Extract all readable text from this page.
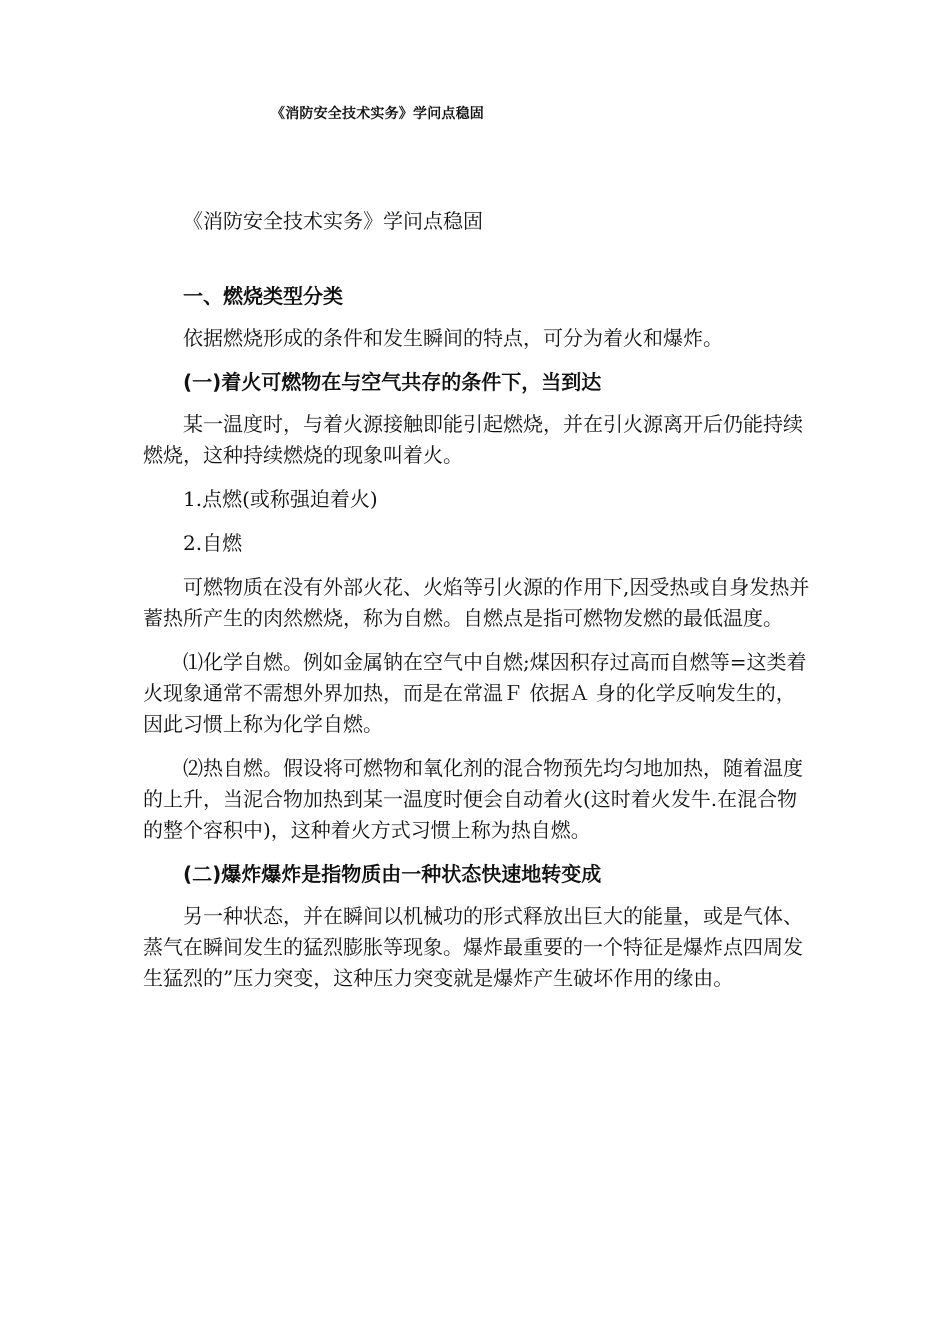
《消防安全技术实务》学问点稳固

《消防安全技术实务》学问点稳固

一、燃烧类型分类

依据燃烧形成的条件和发生瞬间的特点，可分为着火和爆炸。

(一)着火可燃物在与空气共存的条件下，当到达

某一温度时，与着火源接触即能引起燃烧，并在引火源离开后仍能持续燃烧，这种持续燃烧的现象叫着火。

1.点燃(或称强迫着火)

2.自燃

可燃物质在没有外部火花、火焰等引火源的作用下,因受热或自身发热并蓄热所产生的肉然燃烧，称为自燃。自燃点是指可燃物发燃的最低温度。

⑴化学自燃。例如金属钠在空气中自燃;煤因积存过高而自燃等=这类着火现象通常不需想外界加热，而是在常温Ｆ 依据Ａ 身的化学反响发生的，因此习惯上称为化学自燃。

⑵热自燃。假设将可燃物和氧化剂的混合物预先均匀地加热，随着温度的上升，当泥合物加热到某一温度时便会自动着火(这时着火发牛.在混合物的整个容积中)，这种着火方式习惯上称为热自燃。

(二)爆炸爆炸是指物质由一种状态快速地转变成

另一种状态，并在瞬间以机械功的形式释放出巨大的能量，或是气体、蒸气在瞬间发生的猛烈膨胀等现象。爆炸最重要的一个特征是爆炸点四周发生猛烈的”压力突变，这种压力突变就是爆炸产生破坏作用的缘由。
